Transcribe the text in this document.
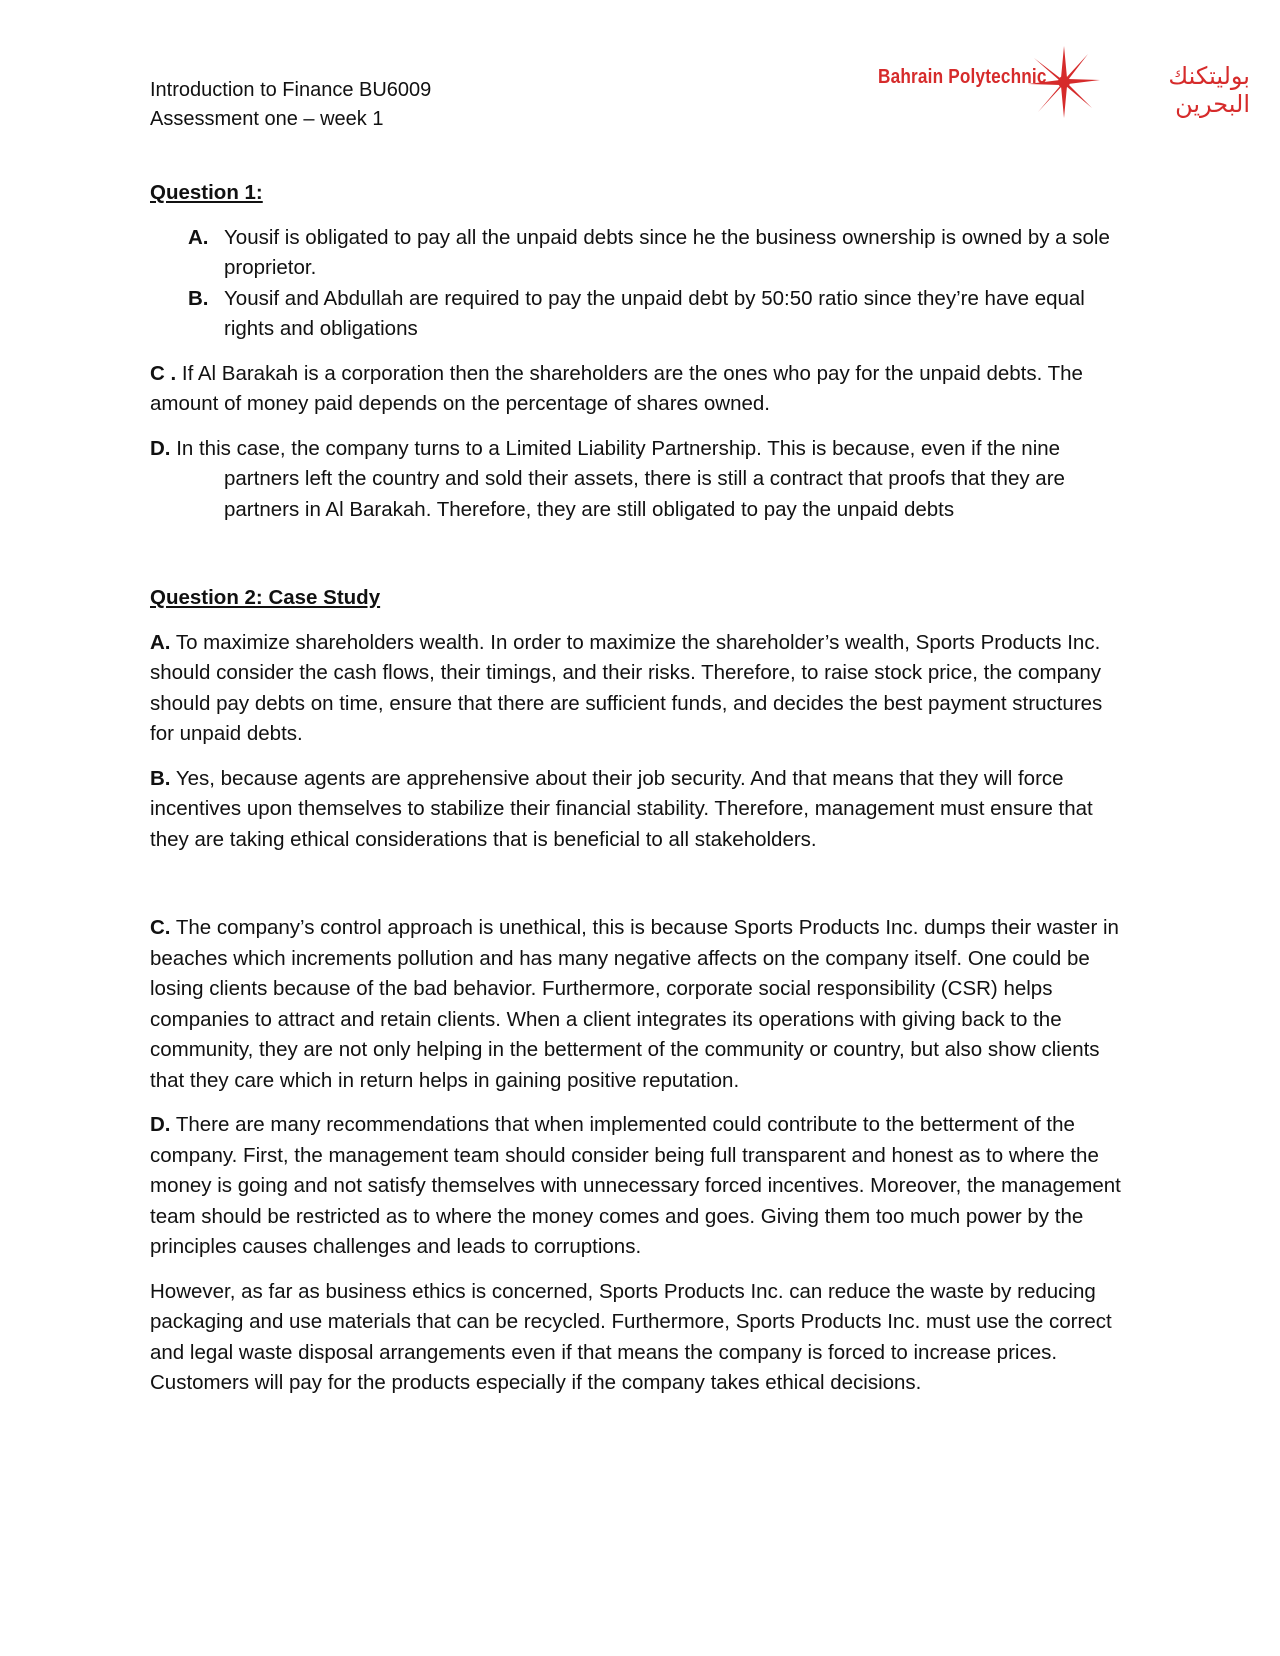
Introduction to Finance BU6009
Assessment one – week 1
Bahrain Polytechnic	بوليتكنك البحرين
Question 1:
A. Yousif is obligated to pay all the unpaid debts since he the business ownership is owned by a sole proprietor.
B. Yousif and Abdullah are required to pay the unpaid debt by 50:50 ratio since they’re have equal rights and obligations

C . If Al Barakah is a corporation then the shareholders are the ones who pay for the unpaid debts. The amount of money paid depends on the percentage of shares owned.

D. In this case, the company turns to a Limited Liability Partnership. This is because, even if the nine partners left the country and sold their assets, there is still a contract that proofs that they are partners in Al Barakah. Therefore, they are still obligated to pay the unpaid debts

Question 2: Case Study

A. To maximize shareholders wealth. In order to maximize the shareholder’s wealth, Sports Products Inc. should consider the cash flows, their timings, and their risks. Therefore, to raise stock price, the company should pay debts on time, ensure that there are sufficient funds, and decides the best payment structures for unpaid debts.

B. Yes, because agents are apprehensive about their job security. And that means that they will force incentives upon themselves to stabilize their financial stability. Therefore, management must ensure that they are taking ethical considerations that is beneficial to all stakeholders.

C. The company’s control approach is unethical, this is because Sports Products Inc. dumps their waster in beaches which increments pollution and has many negative affects on the company itself. One could be losing clients because of the bad behavior. Furthermore, corporate social responsibility (CSR) helps companies to attract and retain clients. When a client integrates its operations with giving back to the community, they are not only helping in the betterment of the community or country, but also show clients that they care which in return helps in gaining positive reputation.

D. There are many recommendations that when implemented could contribute to the betterment of the company. First, the management team should consider being full transparent and honest as to where the money is going and not satisfy themselves with unnecessary forced incentives. Moreover, the management team should be restricted as to where the money comes and goes. Giving them too much power by the principles causes challenges and leads to corruptions.

However, as far as business ethics is concerned, Sports Products Inc. can reduce the waste by reducing packaging and use materials that can be recycled. Furthermore, Sports Products Inc. must use the correct and legal waste disposal arrangements even if that means the company is forced to increase prices. Customers will pay for the products especially if the company takes ethical decisions.
